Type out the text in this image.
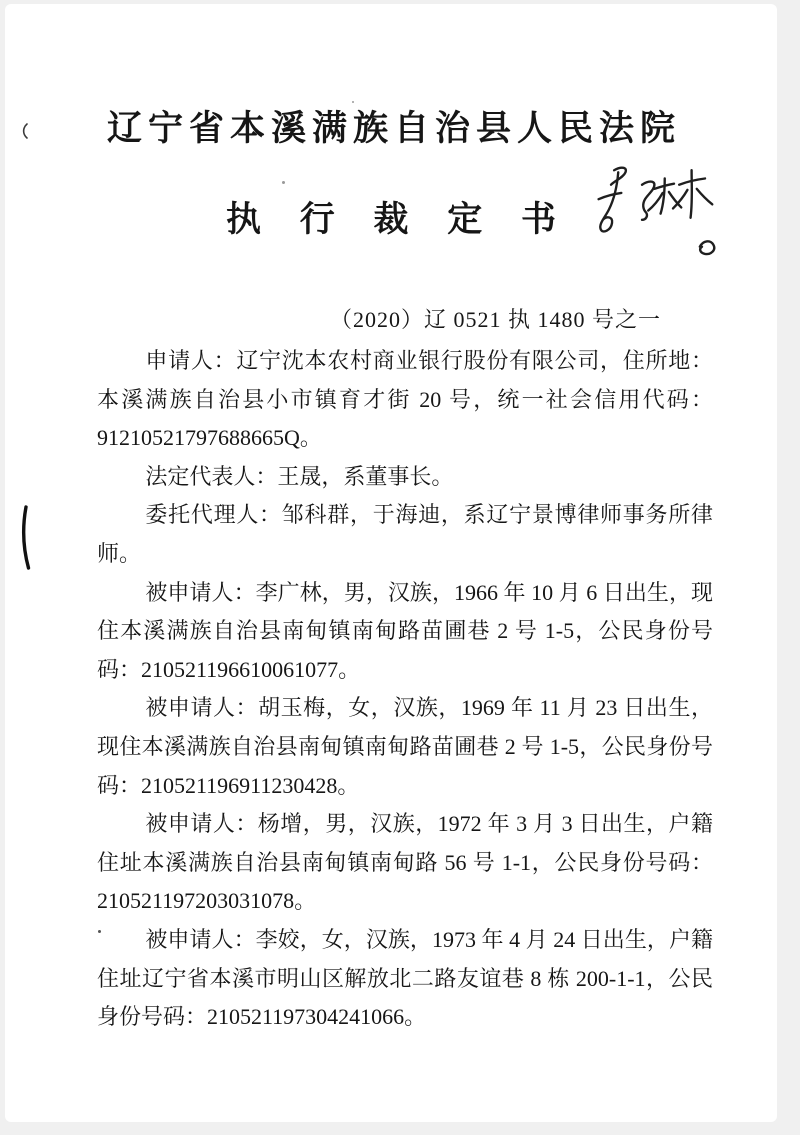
辽宁省本溪满族自治县人民法院
执 行 裁 定 书
（2020）辽 0521 执 1480 号之一

申请人：辽宁沈本农村商业银行股份有限公司，住所地：本溪满族自治县小市镇育才街 20 号，统一社会信用代码：91210521797688665Q。

法定代表人：王晟，系董事长。

委托代理人：邹科群，于海迪，系辽宁景博律师事务所律师。

被申请人：李广林，男，汉族，1966 年 10 月 6 日出生，现住本溪满族自治县南甸镇南甸路苗圃巷 2 号 1-5，公民身份号码：210521196610061077。

被申请人：胡玉梅，女，汉族，1969 年 11 月 23 日出生，现住本溪满族自治县南甸镇南甸路苗圃巷 2 号 1-5，公民身份号码：210521196911230428。

被申请人：杨增，男，汉族，1972 年 3 月 3 日出生，户籍住址本溪满族自治县南甸镇南甸路 56 号 1-1，公民身份号码：210521197203031078。

被申请人：李姣，女，汉族，1973 年 4 月 24 日出生，户籍住址辽宁省本溪市明山区解放北二路友谊巷 8 栋 200-1-1，公民身份号码：210521197304241066。
